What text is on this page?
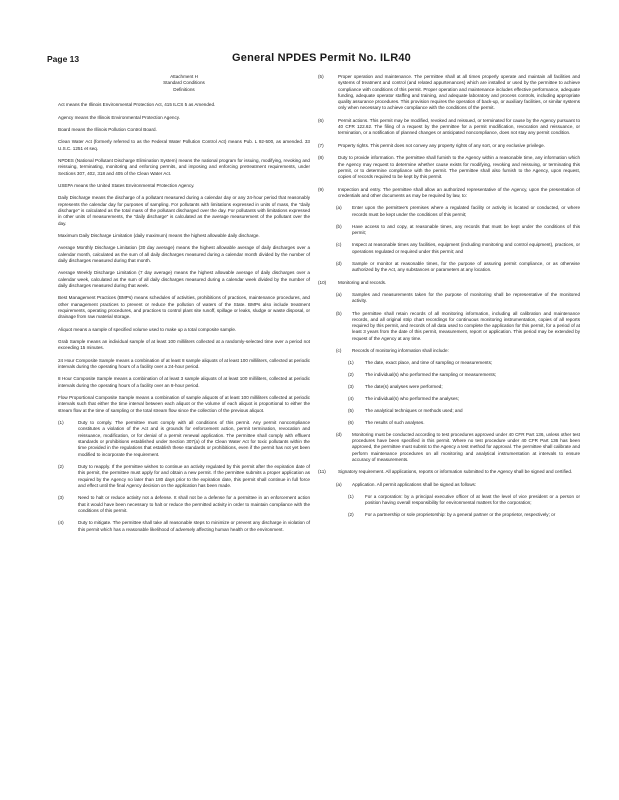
Page 13	General NPDES Permit No. ILR40
Attachment H
Standard Conditions
Definitions

Act means the Illinois Environmental Protection Act, 415 ILCS 5 as Amended.

Agency means the Illinois Environmental Protection Agency.

Board means the Illinois Pollution Control Board.

Clean Water Act (formerly referred to as the Federal Water Pollution Control Act) means Pub. L 92-500, as amended. 33 U.S.C. 1251 et seq.

NPDES (National Pollutant Discharge Elimination System) means the national program for issuing, modifying, revoking and reissuing, terminating, monitoring and enforcing permits, and imposing and enforcing pretreatment requirements, under Sections 307, 402, 318 and 405 of the Clean Water Act.

USEPA means the United States Environmental Protection Agency.

Daily Discharge means the discharge of a pollutant measured during a calendar day or any 24-hour period that reasonably represents the calendar day for purposes of sampling. For pollutants with limitations expressed in units of mass, the "daily discharge" is calculated as the total mass of the pollutant discharged over the day. For pollutants with limitations expressed in other units of measurements, the "daily discharge" is calculated as the average measurement of the pollutant over the day.

Maximum Daily Discharge Limitation (daily maximum) means the highest allowable daily discharge.

Average Monthly Discharge Limitation (30 day average) means the highest allowable average of daily discharges over a calendar month, calculated as the sum of all daily discharges measured during a calendar month divided by the number of daily discharges measured during that month.

Average Weekly Discharge Limitation (7 day average) means the highest allowable average of daily discharges over a calendar week, calculated as the sum of all daily discharges measured during a calendar week divided by the number of daily discharges measured during that week.

Best Management Practices (BMPs) means schedules of activities, prohibitions of practices, maintenance procedures, and other management practices to prevent or reduce the pollution of waters of the State. BMPs also include treatment requirements, operating procedures, and practices to control plant site runoff, spillage or leaks, sludge or waste disposal, or drainage from raw material storage.

Aliquot means a sample of specified volume used to make up a total composite sample.

Grab Sample means an individual sample of at least 100 milliliters collected at a randomly-selected time over a period not exceeding 15 minutes.

24 Hour Composite Sample means a combination of at least 8 sample aliquots of at least 100 milliliters, collected at periodic intervals during the operating hours of a facility over a 24-hour period.

8 Hour Composite Sample means a combination of at least 3 sample aliquots of at least 100 milliliters, collected at periodic intervals during the operating hours of a facility over an 8-hour period.

Flow Proportional Composite Sample means a combination of sample aliquots of at least 100 milliliters collected at periodic intervals such that either the time interval between each aliquot or the volume of each aliquot is proportional to either the stream flow at the time of sampling or the total stream flow since the collection of the previous aliquot.

(1)	Duty to comply. The permittee must comply with all conditions of this permit. Any permit noncompliance constitutes a violation of the Act and is grounds for enforcement action, permit termination, revocation and reissuance, modification, or for denial of a permit renewal application. The permittee shall comply with effluent standards or prohibitions established under Section 307(a) of the Clean Water Act for toxic pollutants within the time provided in the regulations that establish these standards or prohibitions, even if the permit has not yet been modified to incorporate the requirement.
(2)	Duty to reapply. If the permittee wishes to continue an activity regulated by this permit after the expiration date of this permit, the permittee must apply for and obtain a new permit. If the permittee submits a proper application as required by the Agency no later than 180 days prior to the expiration date, this permit shall continue in full force and effect until the final Agency decision on the application has been made.
(3)	Need to halt or reduce activity not a defense. It shall not be a defense for a permittee in an enforcement action that it would have been necessary to halt or reduce the permitted activity in order to maintain compliance with the conditions of this permit.
(4)	Duty to mitigate. The permittee shall take all reasonable steps to minimize or prevent any discharge in violation of this permit which has a reasonable likelihood of adversely affecting human health or the environment.
(5)	Proper operation and maintenance. The permittee shall at all times properly operate and maintain all facilities and systems of treatment and control (and related appurtenances) which are installed or used by the permittee to achieve compliance with conditions of this permit. Proper operation and maintenance includes effective performance, adequate funding, adequate operator staffing and training, and adequate laboratory and process controls, including appropriate quality assurance procedures. This provision requires the operation of back-up, or auxiliary facilities, or similar systems only when necessary to achieve compliance with the conditions of the permit.
(6)	Permit actions. This permit may be modified, revoked and reissued, or terminated for cause by the Agency pursuant to 40 CFR 122.62. The filing of a request by the permittee for a permit modification, revocation and reissuance, or termination, or a notification of planned changes or anticipated noncompliance, does not stay any permit condition.
(7)	Property rights. This permit does not convey any property rights of any sort, or any exclusive privilege.
(8)	Duty to provide information. The permittee shall furnish to the Agency within a reasonable time, any information which the Agency may request to determine whether cause exists for modifying, revoking and reissuing, or terminating this permit, or to determine compliance with the permit. The permittee shall also furnish to the Agency, upon request, copies of records required to be kept by this permit.
(9)	Inspection and entry. The permittee shall allow an authorized representative of the Agency, upon the presentation of credentials and other documents as may be required by law, to:
(a)	Enter upon the permittee's premises where a regulated facility or activity is located or conducted, or where records must be kept under the conditions of this permit;
(b)	Have access to and copy, at reasonable times, any records that must be kept under the conditions of this permit;
(c)	Inspect at reasonable times any facilities, equipment (including monitoring and control equipment), practices, or operations regulated or required under this permit; and
(d)	Sample or monitor at reasonable times, for the purpose of assuring permit compliance, or as otherwise authorized by the Act, any substances or parameters at any location.
(10)	Monitoring and records.
(a)	Samples and measurements taken for the purpose of monitoring shall be representative of the monitored activity.
(b)	The permittee shall retain records of all monitoring information, including all calibration and maintenance records, and all original strip chart recordings for continuous monitoring instrumentation, copies of all reports required by this permit, and records of all data used to complete the application for this permit, for a period of at least 3 years from the date of this permit, measurement, report or application. This period may be extended by request of the Agency at any time.
(c)	Records of monitoring information shall include:
(1)	The date, exact place, and time of sampling or measurements;
(2)	The individual(s) who performed the sampling or measurements;
(3)	The date(s) analyses were performed;
(4)	The individual(s) who performed the analyses;
(5)	The analytical techniques or methods used; and
(6)	The results of such analyses.
(d)	Monitoring must be conducted according to test procedures approved under 40 CFR Part 136, unless other test procedures have been specified in this permit. Where no test procedure under 40 CFR Part 136 has been approved, the permittee must submit to the Agency a test method for approval. The permittee shall calibrate and perform maintenance procedures on all monitoring and analytical instrumentation at intervals to ensure accuracy of measurements.
(11)	Signatory requirement. All applications, reports or information submitted to the Agency shall be signed and certified.
(a)	Application. All permit applications shall be signed as follows:
(1)	For a corporation: by a principal executive officer of at least the level of vice president or a person or position having overall responsibility for environmental matters for the corporation;
(2)	For a partnership or sole proprietorship: by a general partner or the proprietor, respectively; or
